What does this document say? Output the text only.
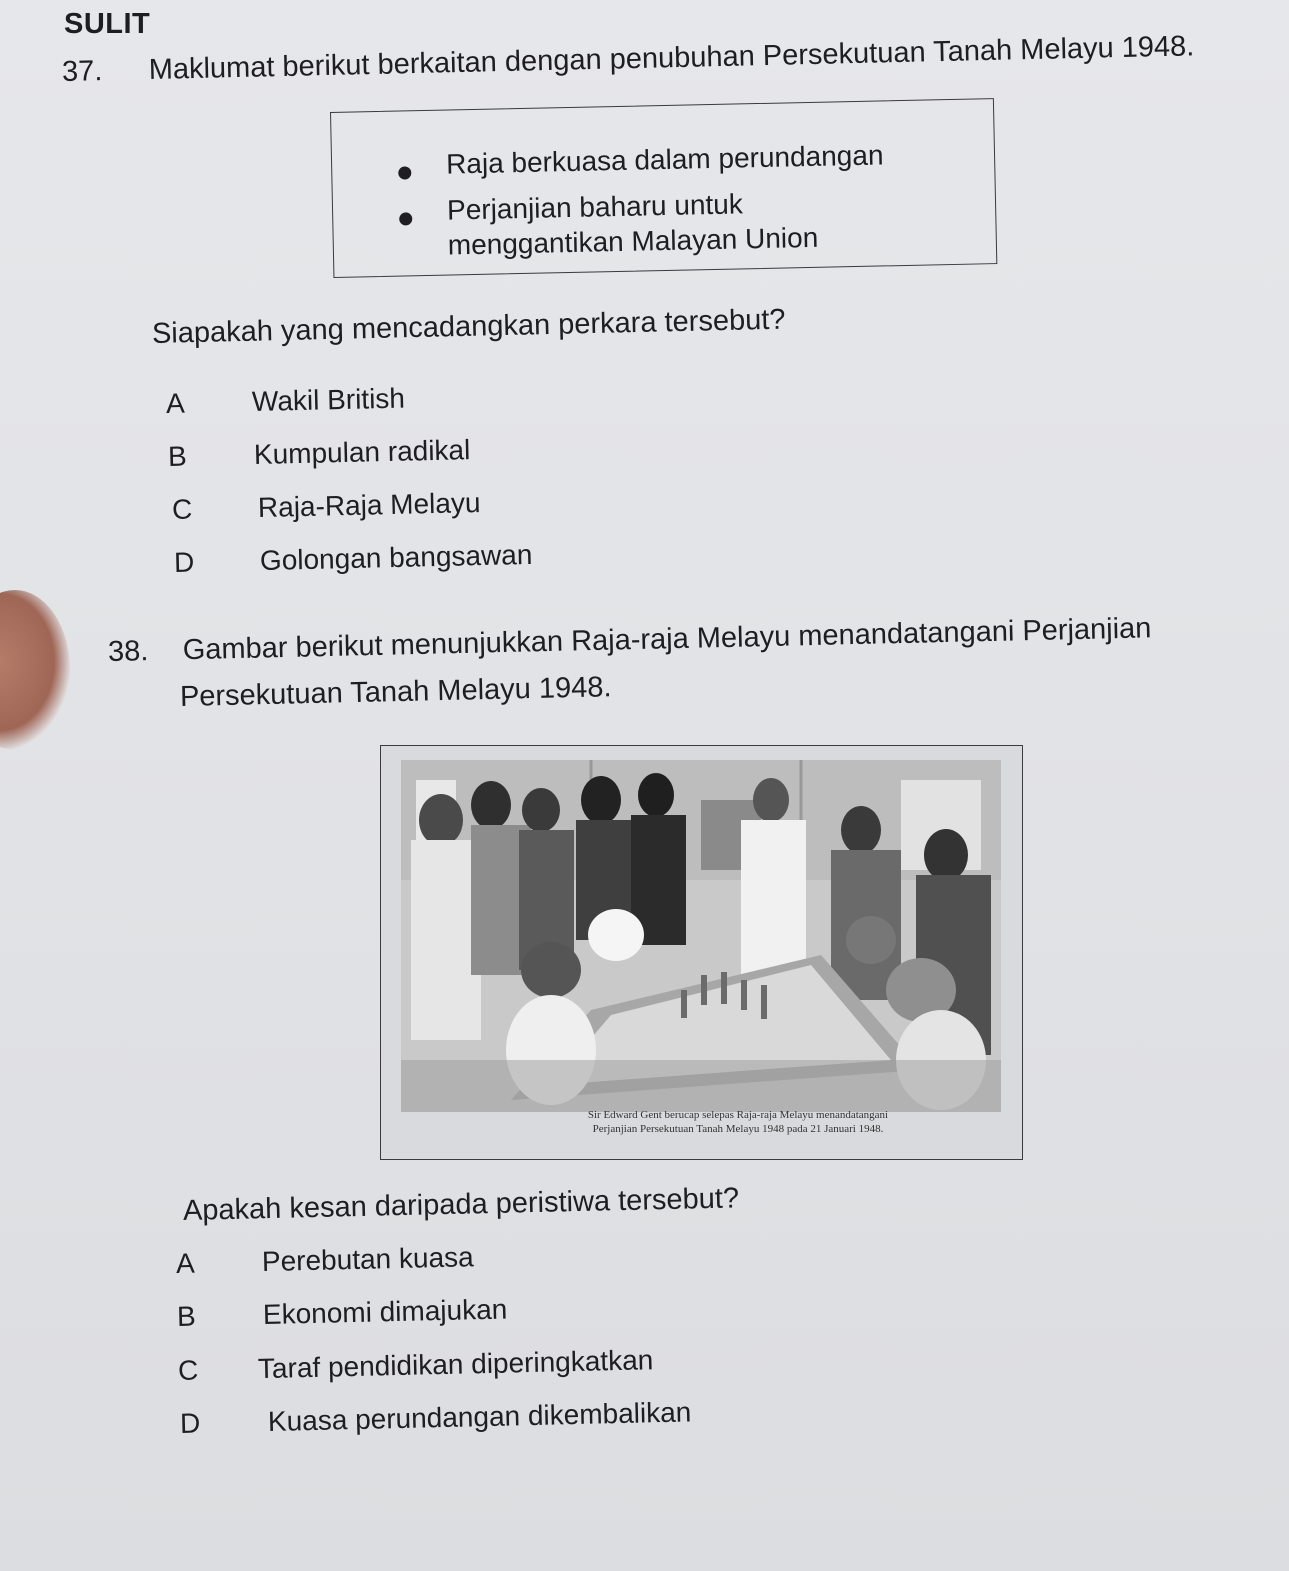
SULIT
37. Maklumat berikut berkaitan dengan penubuhan Persekutuan Tanah Melayu 1948.
Raja berkuasa dalam perundangan
Perjanjian baharu untuk
menggantikan Malayan Union
Siapakah yang mencadangkan perkara tersebut?
A Wakil British
B Kumpulan radikal
C Raja-Raja Melayu
D Golongan bangsawan
38. Gambar berikut menunjukkan Raja-raja Melayu menandatangani Perjanjian
Persekutuan Tanah Melayu 1948.
Sir Edward Gent berucap selepas Raja-raja Melayu menandatangani
Perjanjian Persekutuan Tanah Melayu 1948 pada 21 Januari 1948.
Apakah kesan daripada peristiwa tersebut?
A Perebutan kuasa
B Ekonomi dimajukan
C Taraf pendidikan diperingkatkan
D Kuasa perundangan dikembalikan
